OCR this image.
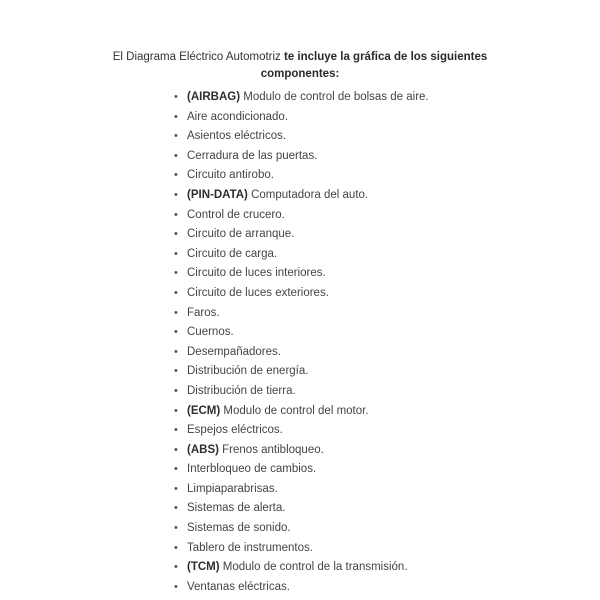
El Diagrama Eléctrico Automotriz te incluye la gráfica de los siguientes componentes:

• (AIRBAG) Modulo de control de bolsas de aire.
• Aire acondicionado.
• Asientos eléctricos.
• Cerradura de las puertas.
• Circuito antirobo.
• (PIN-DATA) Computadora del auto.
• Control de crucero.
• Circuito de arranque.
• Circuito de carga.
• Circuito de luces interiores.
• Circuito de luces exteriores.
• Faros.
• Cuernos.
• Desempañadores.
• Distribución de energía.
• Distribución de tierra.
• (ECM) Modulo de control del motor.
• Espejos eléctricos.
• (ABS) Frenos antibloqueo.
• Interbloqueo de cambios.
• Limpiaparabrisas.
• Sistemas de alerta.
• Sistemas de sonido.
• Tablero de instrumentos.
• (TCM) Modulo de control de la transmisión.
• Ventanas eléctricas.
